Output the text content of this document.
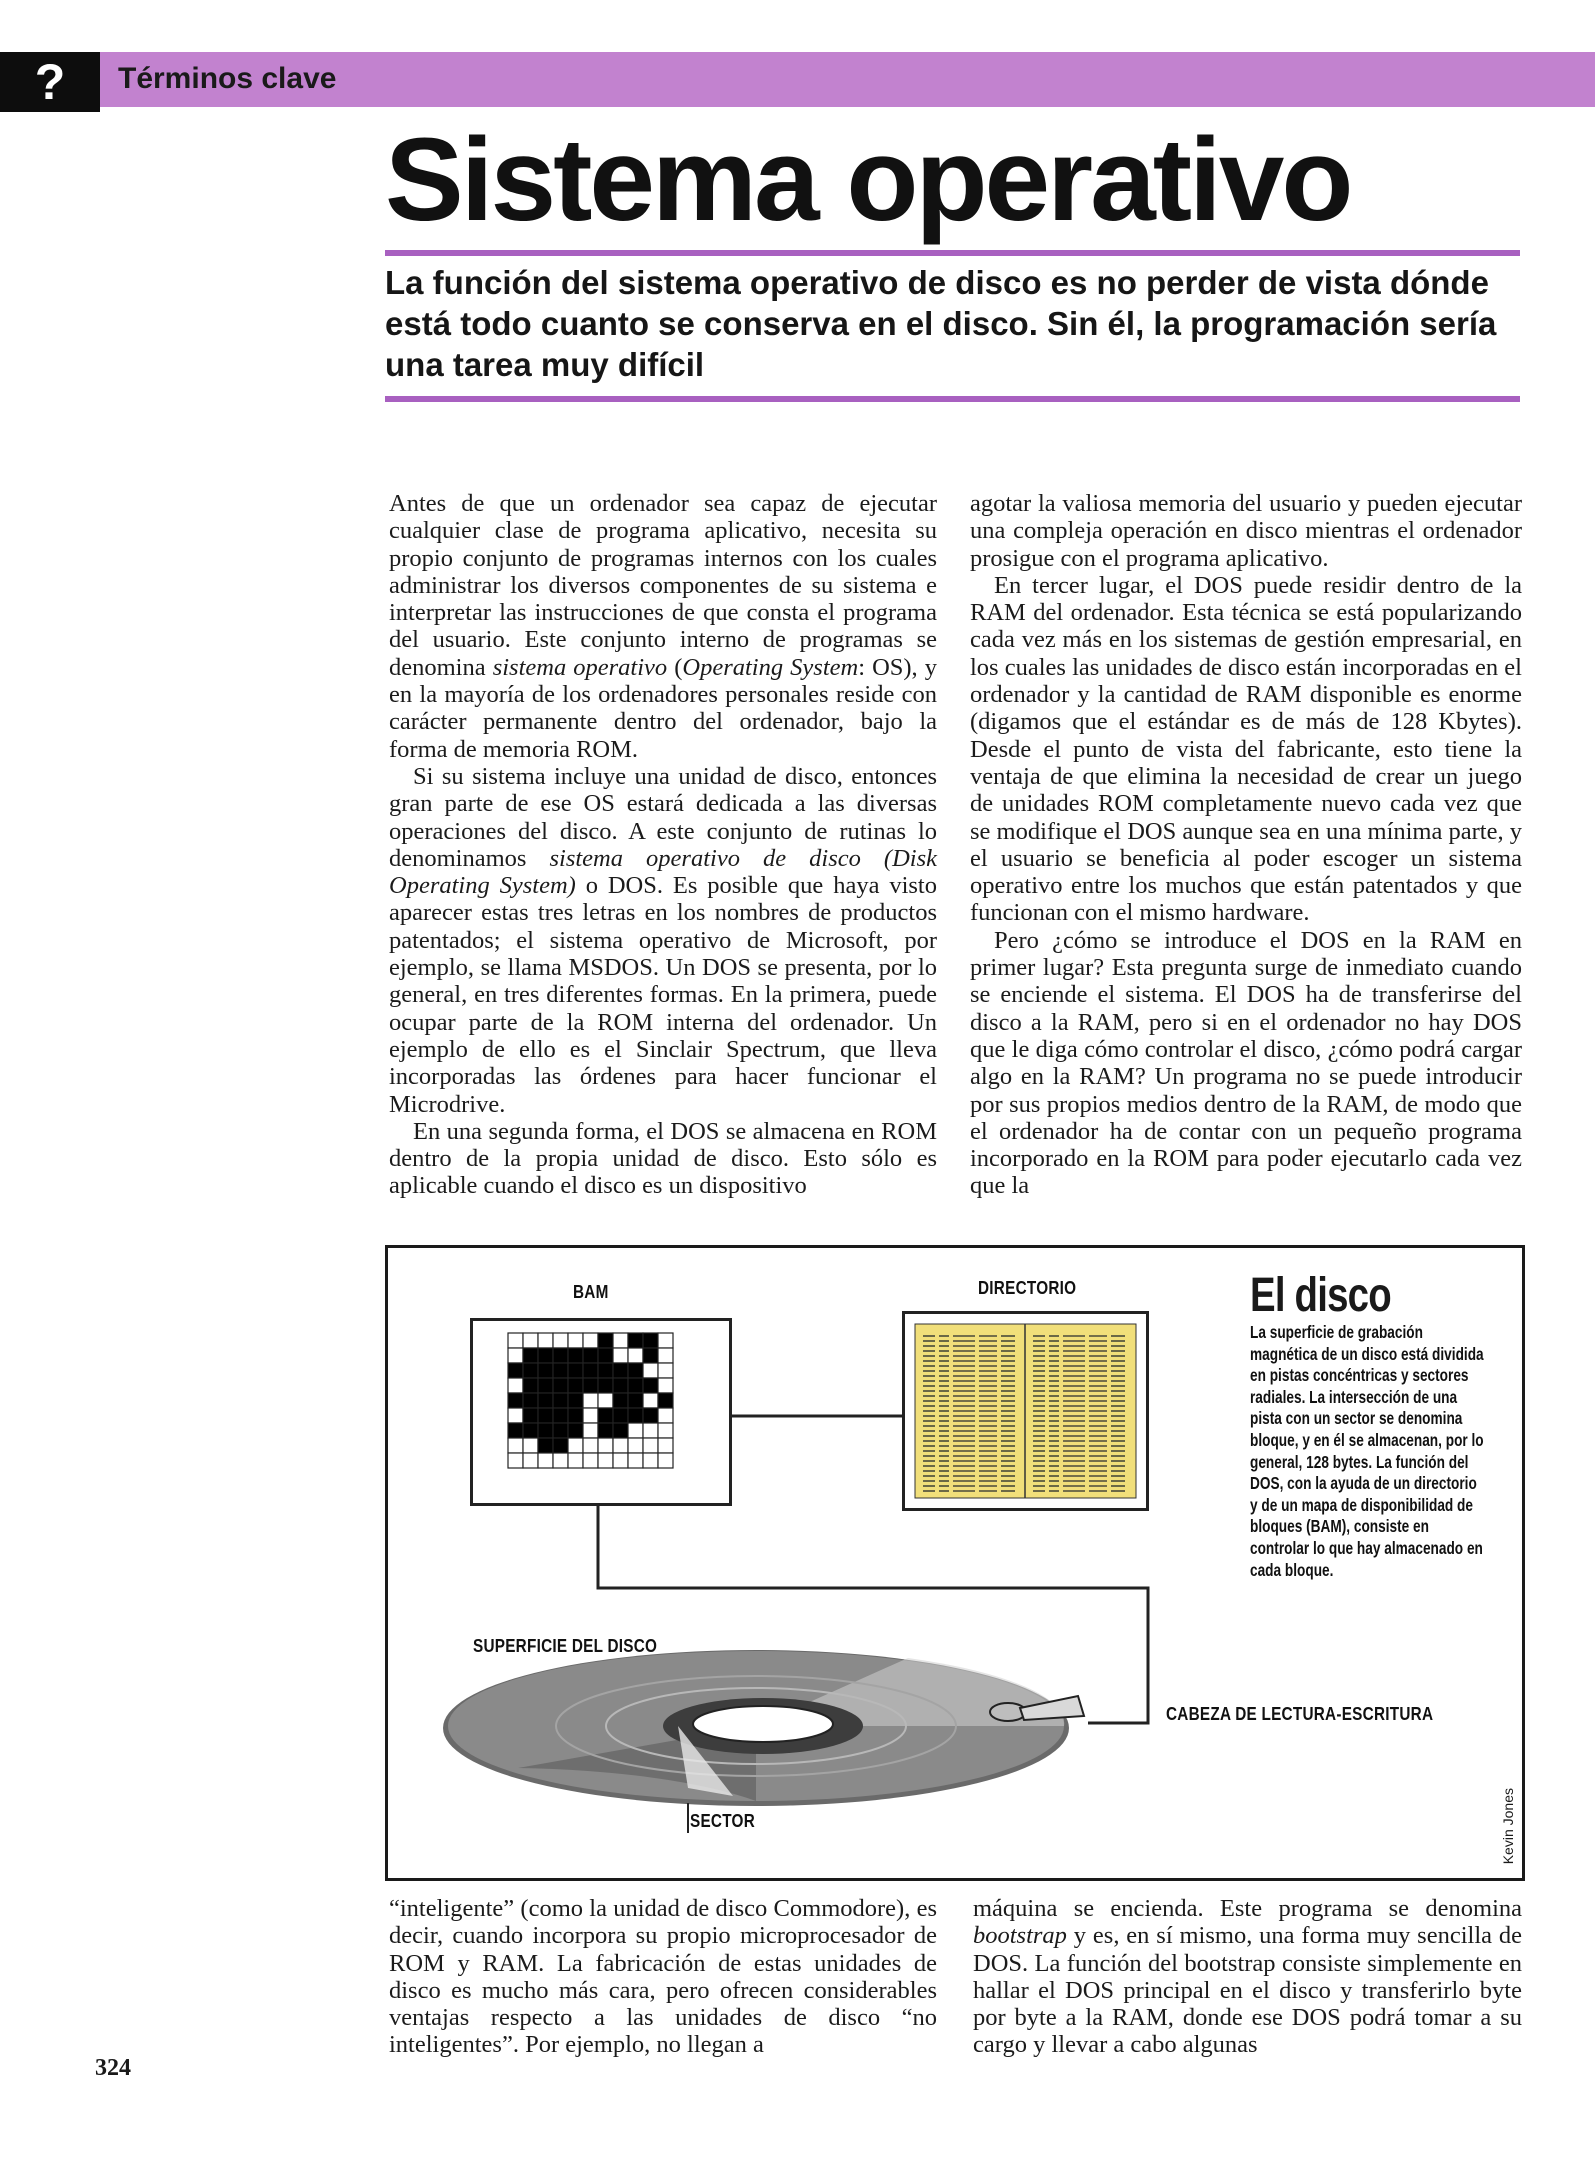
?	Términos clave
Sistema operativo

La función del sistema operativo de disco es no perder de vista dónde está todo cuanto se conserva en el disco. Sin él, la programación sería una tarea muy difícil

Antes de que un ordenador sea capaz de ejecutar cualquier clase de programa aplicativo, necesita su propio conjunto de programas internos con los cuales administrar los diversos componentes de su sistema e interpretar las instrucciones de que consta el programa del usuario. Este conjunto interno de programas se denomina sistema operativo (Operating System: OS), y en la mayoría de los ordenadores personales reside con carácter permanente dentro del ordenador, bajo la forma de memoria ROM.

Si su sistema incluye una unidad de disco, entonces gran parte de ese OS estará dedicada a las diversas operaciones del disco. A este conjunto de rutinas lo denominamos sistema operativo de disco (Disk Operating System) o DOS. Es posible que haya visto aparecer estas tres letras en los nombres de productos patentados; el sistema operativo de Microsoft, por ejemplo, se llama MSDOS. Un DOS se presenta, por lo general, en tres diferentes formas. En la primera, puede ocupar parte de la ROM interna del ordenador. Un ejemplo de ello es el Sinclair Spectrum, que lleva incorporadas las órdenes para hacer funcionar el Microdrive.

En una segunda forma, el DOS se almacena en ROM dentro de la propia unidad de disco. Esto sólo es aplicable cuando el disco es un dispositivo

agotar la valiosa memoria del usuario y pueden ejecutar una compleja operación en disco mientras el ordenador prosigue con el programa aplicativo.

En tercer lugar, el DOS puede residir dentro de la RAM del ordenador. Esta técnica se está popularizando cada vez más en los sistemas de gestión empresarial, en los cuales las unidades de disco están incorporadas en el ordenador y la cantidad de RAM disponible es enorme (digamos que el estándar es de más de 128 Kbytes). Desde el punto de vista del fabricante, esto tiene la ventaja de que elimina la necesidad de crear un juego de unidades ROM completamente nuevo cada vez que se modifique el DOS aunque sea en una mínima parte, y el usuario se beneficia al poder escoger un sistema operativo entre los muchos que están patentados y que funcionan con el mismo hardware.

Pero ¿cómo se introduce el DOS en la RAM en primer lugar? Esta pregunta surge de inmediato cuando se enciende el sistema. El DOS ha de transferirse del disco a la RAM, pero si en el ordenador no hay DOS que le diga cómo controlar el disco, ¿cómo podrá cargar algo en la RAM? Un programa no se puede introducir por sus propios medios dentro de la RAM, de modo que el ordenador ha de contar con un pequeño programa incorporado en la ROM para poder ejecutarlo cada vez que la

BAM	DIRECTORIO
SUPERFICIE DEL DISCO
CABEZA DE LECTURA-ESCRITURA
SECTOR
El disco
La superficie de grabación magnética de un disco está dividida en pistas concéntricas y sectores radiales. La intersección de una pista con un sector se denomina bloque, y en él se almacenan, por lo general, 128 bytes. La función del DOS, con la ayuda de un directorio y de un mapa de disponibilidad de bloques (BAM), consiste en controlar lo que hay almacenado en cada bloque.
Kevin Jones

“inteligente” (como la unidad de disco Commodore), es decir, cuando incorpora su propio microprocesador de ROM y RAM. La fabricación de estas unidades de disco es mucho más cara, pero ofrecen considerables ventajas respecto a las unidades de disco “no inteligentes”. Por ejemplo, no llegan a

máquina se encienda. Este programa se denomina bootstrap y es, en sí mismo, una forma muy sencilla de DOS. La función del bootstrap consiste simplemente en hallar el DOS principal en el disco y transferirlo byte por byte a la RAM, donde ese DOS podrá tomar a su cargo y llevar a cabo algunas

324
